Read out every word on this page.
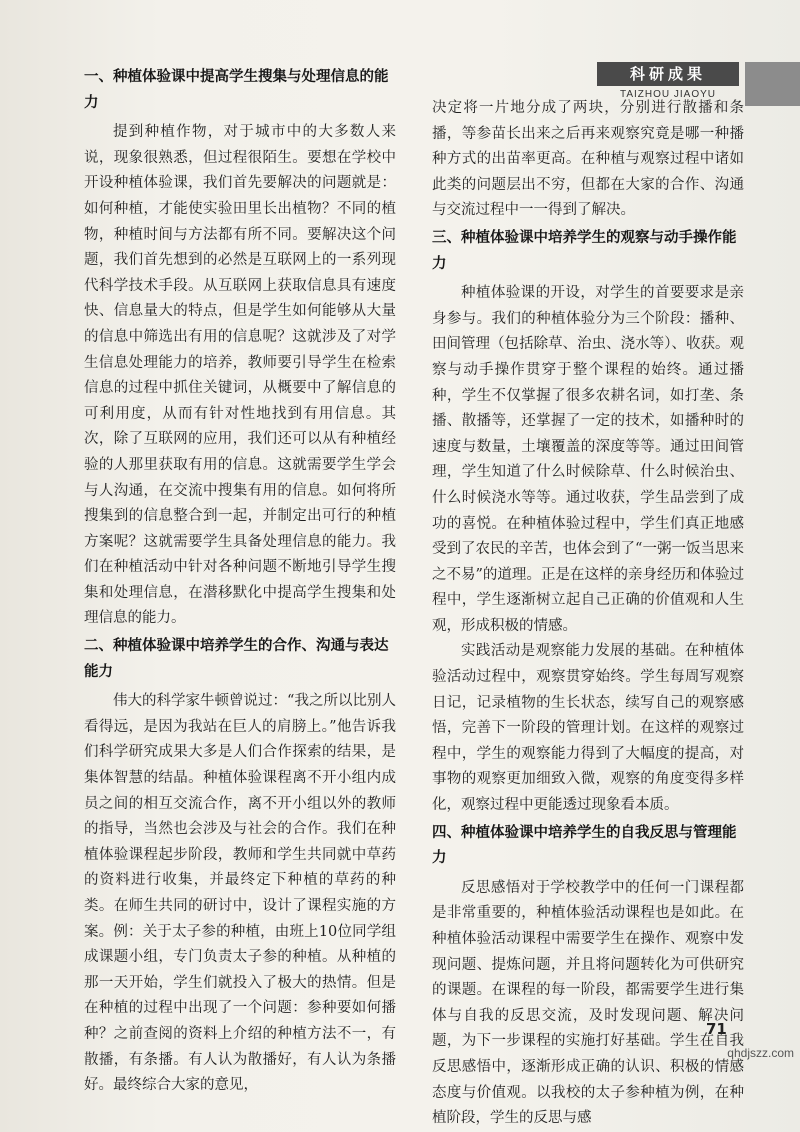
科研成果
TAIZHOU JIAOYU
一、种植体验课中提高学生搜集与处理信息的能力

提到种植作物，对于城市中的大多数人来说，现象很熟悉，但过程很陌生。要想在学校中开设种植体验课，我们首先要解决的问题就是：如何种植，才能使实验田里长出植物？不同的植物，种植时间与方法都有所不同。要解决这个问题，我们首先想到的必然是互联网上的一系列现代科学技术手段。从互联网上获取信息具有速度快、信息量大的特点，但是学生如何能够从大量的信息中筛选出有用的信息呢？这就涉及了对学生信息处理能力的培养，教师要引导学生在检索信息的过程中抓住关键词，从概要中了解信息的可利用度，从而有针对性地找到有用信息。其次，除了互联网的应用，我们还可以从有种植经验的人那里获取有用的信息。这就需要学生学会与人沟通，在交流中搜集有用的信息。如何将所搜集到的信息整合到一起，并制定出可行的种植方案呢？这就需要学生具备处理信息的能力。我们在种植活动中针对各种问题不断地引导学生搜集和处理信息，在潜移默化中提高学生搜集和处理信息的能力。

二、种植体验课中培养学生的合作、沟通与表达能力

伟大的科学家牛顿曾说过：“我之所以比别人看得远，是因为我站在巨人的肩膀上。”他告诉我们科学研究成果大多是人们合作探索的结果，是集体智慧的结晶。种植体验课程离不开小组内成员之间的相互交流合作，离不开小组以外的教师的指导，当然也会涉及与社会的合作。我们在种植体验课程起步阶段，教师和学生共同就中草药的资料进行收集，并最终定下种植的草药的种类。在师生共同的研讨中，设计了课程实施的方案。例：关于太子参的种植，由班上10位同学组成课题小组，专门负责太子参的种植。从种植的那一天开始，学生们就投入了极大的热情。但是在种植的过程中出现了一个问题：参种要如何播种？之前查阅的资料上介绍的种植方法不一，有散播，有条播。有人认为散播好，有人认为条播好。最终综合大家的意见，

决定将一片地分成了两块，分别进行散播和条播，等参苗长出来之后再来观察究竟是哪一种播种方式的出苗率更高。在种植与观察过程中诸如此类的问题层出不穷，但都在大家的合作、沟通与交流过程中一一得到了解决。

三、种植体验课中培养学生的观察与动手操作能力

种植体验课的开设，对学生的首要要求是亲身参与。我们的种植体验分为三个阶段：播种、田间管理（包括除草、治虫、浇水等）、收获。观察与动手操作贯穿于整个课程的始终。通过播种，学生不仅掌握了很多农耕名词，如打垄、条播、散播等，还掌握了一定的技术，如播种时的速度与数量，土壤覆盖的深度等等。通过田间管理，学生知道了什么时候除草、什么时候治虫、什么时候浇水等等。通过收获，学生品尝到了成功的喜悦。在种植体验过程中，学生们真正地感受到了农民的辛苦，也体会到了“一粥一饭当思来之不易”的道理。正是在这样的亲身经历和体验过程中，学生逐渐树立起自己正确的价值观和人生观，形成积极的情感。

实践活动是观察能力发展的基础。在种植体验活动过程中，观察贯穿始终。学生每周写观察日记，记录植物的生长状态，续写自己的观察感悟，完善下一阶段的管理计划。在这样的观察过程中，学生的观察能力得到了大幅度的提高，对事物的观察更加细致入微，观察的角度变得多样化，观察过程中更能透过现象看本质。

四、种植体验课中培养学生的自我反思与管理能力

反思感悟对于学校教学中的任何一门课程都是非常重要的，种植体验活动课程也是如此。在种植体验活动课程中需要学生在操作、观察中发现问题、提炼问题，并且将问题转化为可供研究的课题。在课程的每一阶段，都需要学生进行集体与自我的反思交流，及时发现问题、解决问题，为下一步课程的实施打好基础。学生在自我反思感悟中，逐渐形成正确的认识、积极的情感态度与价值观。以我校的太子参种植为例，在种植阶段，学生的反思与感

71
qhdjszz.com
